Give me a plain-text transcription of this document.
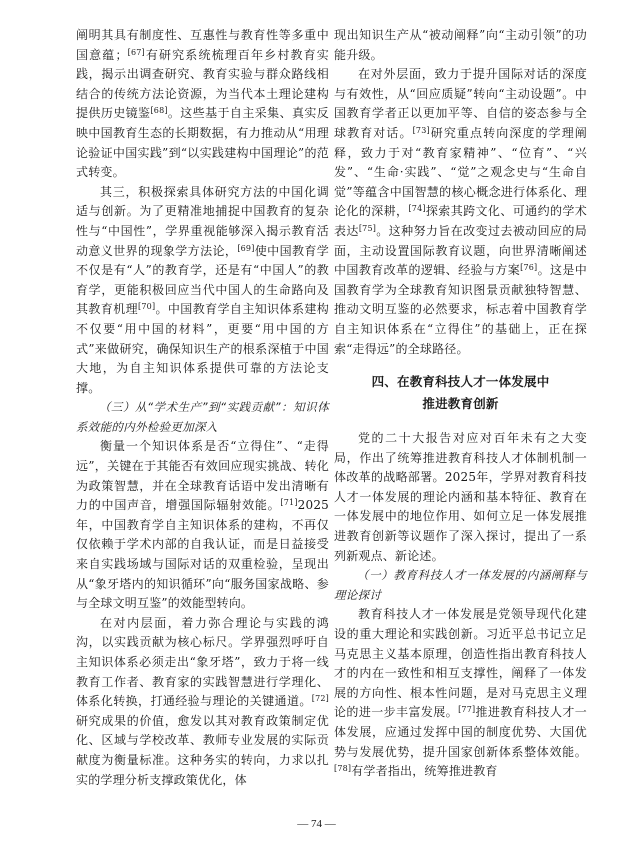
阐明其具有制度性、互惠性与教育性等多重中国意蕴；[67]有研究系统梳理百年乡村教育实践，揭示出调查研究、教育实验与群众路线相结合的传统方法论资源，为当代本土理论建构提供历史镜鉴[68]。这些基于自主采集、真实反映中国教育生态的长期数据，有力推动从“用理论验证中国实践”到“以实践建构中国理论”的范式转变。

其三，积极探索具体研究方法的中国化调适与创新。为了更精准地捕捉中国教育的复杂性与“中国性”，学界重视能够深入揭示教育活动意义世界的现象学方法论，[69]使中国教育学不仅是有“人”的教育学，还是有“中国人”的教育学，更能积极回应当代中国人的生命路向及其教育机理[70]。中国教育学自主知识体系建构不仅要“用中国的材料”，更要“用中国的方式”来做研究，确保知识生产的根系深植于中国大地，为自主知识体系提供可靠的方法论支撑。

（三）从“学术生产”到“实践贡献”：知识体系效能的内外检验更加深入

衡量一个知识体系是否“立得住”、“走得远”，关键在于其能否有效回应现实挑战、转化为政策智慧，并在全球教育话语中发出清晰有力的中国声音，增强国际辐射效能。[71]2025年，中国教育学自主知识体系的建构，不再仅仅依赖于学术内部的自我认证，而是日益接受来自实践场域与国际对话的双重检验，呈现出从“象牙塔内的知识循环”向“服务国家战略、参与全球文明互鉴”的效能型转向。

在对内层面，着力弥合理论与实践的鸿沟，以实践贡献为核心标尺。学界强烈呼吁自主知识体系必须走出“象牙塔”，致力于将一线教育工作者、教育家的实践智慧进行学理化、体系化转换，打通经验与理论的关键通道。[72]研究成果的价值，愈发以其对教育政策制定优化、区域与学校改革、教师专业发展的实际贡献度为衡量标准。这种务实的转向，力求以扎实的学理分析支撑政策优化，体

现出知识生产从“被动阐释”向“主动引领”的功能升级。

在对外层面，致力于提升国际对话的深度与有效性，从“回应质疑”转向“主动设题”。中国教育学者正以更加平等、自信的姿态参与全球教育对话。[73]研究重点转向深度的学理阐释，致力于对“教育家精神”、“位育”、“兴发”、“生命·实践”、“觉”之观念史与“生命自觉”等蕴含中国智慧的核心概念进行体系化、理论化的深耕，[74]探索其跨文化、可通约的学术表达[75]。这种努力旨在改变过去被动回应的局面，主动设置国际教育议题，向世界清晰阐述中国教育改革的逻辑、经验与方案[76]。这是中国教育学为全球教育知识图景贡献独特智慧、推动文明互鉴的必然要求，标志着中国教育学自主知识体系在“立得住”的基础上，正在探索“走得远”的全球路径。

四、在教育科技人才一体发展中
推进教育创新

党的二十大报告对应对百年未有之大变局，作出了统筹推进教育科技人才体制机制一体改革的战略部署。2025年，学界对教育科技人才一体发展的理论内涵和基本特征、教育在一体发展中的地位作用、如何立足一体发展推进教育创新等议题作了深入探讨，提出了一系列新观点、新论述。

（一）教育科技人才一体发展的内涵阐释与理论探讨

教育科技人才一体发展是党领导现代化建设的重大理论和实践创新。习近平总书记立足马克思主义基本原理，创造性指出教育科技人才的内在一致性和相互支撑性，阐释了一体发展的方向性、根本性问题，是对马克思主义理论的进一步丰富发展。[77]推进教育科技人才一体发展，应通过发挥中国的制度优势、大国优势与发展优势，提升国家创新体系整体效能。[78]有学者指出，统筹推进教育

— 74 —
